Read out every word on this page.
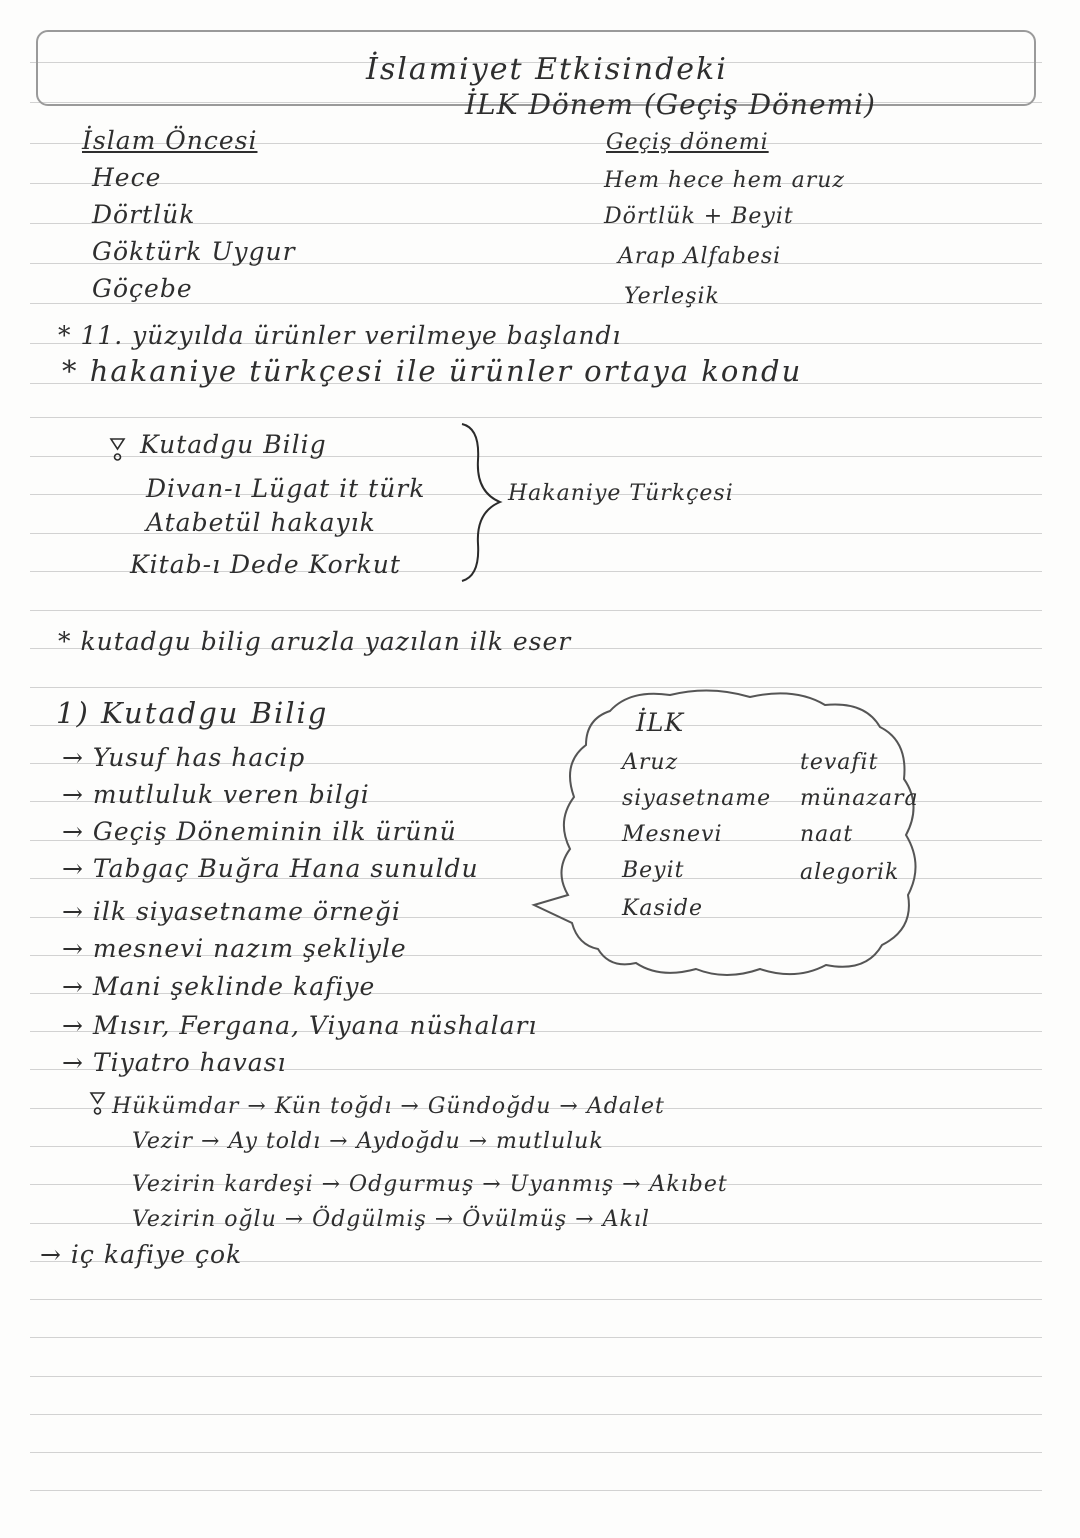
İslamiyet Etkisindeki
İLK Dönem (Geçiş Dönemi)
İslam Öncesi
Hece
Dörtlük
Göktürk Uygur
Göçebe
Geçiş dönemi
Hem hece hem aruz
Dörtlük + Beyit
Arap Alfabesi
Yerleşik
* 11. yüzyılda ürünler verilmeye başlandı
* hakaniye türkçesi ile ürünler ortaya kondu
Kutadgu Bilig
Divan-ı Lügat it türk
Atabetül hakayık
Kitab-ı Dede Korkut
Hakaniye Türkçesi
* kutadgu bilig aruzla yazılan ilk eser
1) Kutadgu Bilig
→ Yusuf has hacip
→ mutluluk veren bilgi
→ Geçiş Döneminin ilk ürünü
→ Tabgaç Buğra Hana sunuldu
→ ilk siyasetname örneği
→ mesnevi nazım şekliyle
→ Mani şeklinde kafiye
→ Mısır, Fergana, Viyana nüshaları
→ Tiyatro havası
İLK
Aruz
siyasetname
Mesnevi
Beyit
Kaside
tevafit
münazara
naat
alegorik
Hükümdar → Kün toğdı → Gündoğdu → Adalet
Vezir → Ay toldı → Aydoğdu → mutluluk
Vezirin kardeşi → Odgurmuş → Uyanmış → Akıbet
Vezirin oğlu → Ödgülmiş → Övülmüş → Akıl
→ iç kafiye çok
